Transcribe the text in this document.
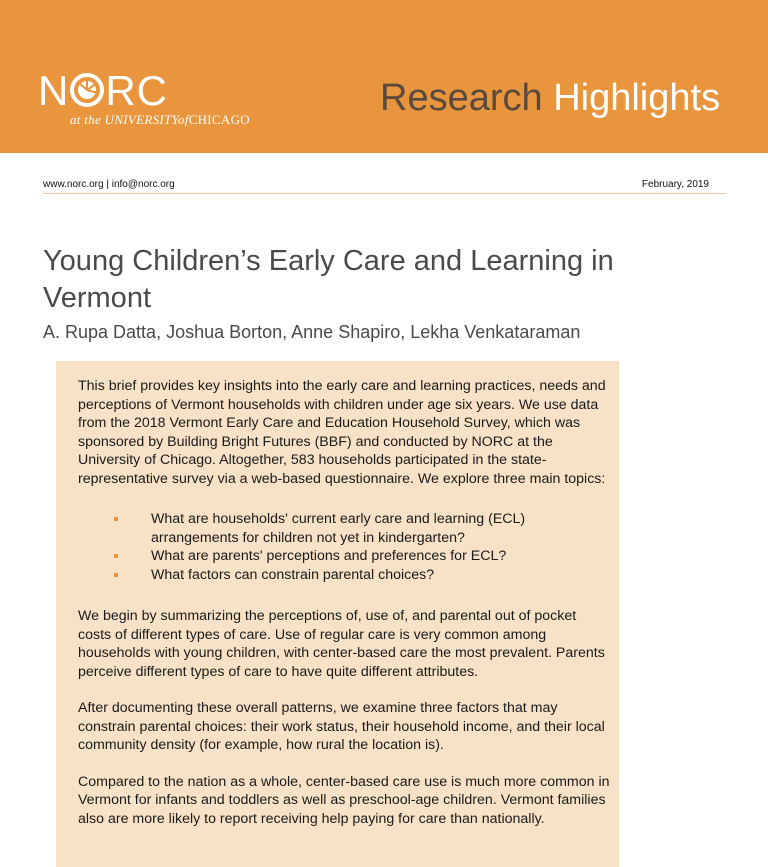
N RC
at the UNIVERSITYofCHICAGO
Research Highlights
www.norc.org | info@norc.org	February, 2019
Young Children’s Early Care and Learning in Vermont
A. Rupa Datta, Joshua Borton, Anne Shapiro, Lekha Venkataraman

This brief provides key insights into the early care and learning practices, needs and perceptions of Vermont households with children under age six years. We use data from the 2018 Vermont Early Care and Education Household Survey, which was sponsored by Building Bright Futures (BBF) and conducted by NORC at the University of Chicago. Altogether, 583 households participated in the state-representative survey via a web-based questionnaire. We explore three main topics:

What are households' current early care and learning (ECL) arrangements for children not yet in kindergarten?
What are parents' perceptions and preferences for ECL?
What factors can constrain parental choices?

We begin by summarizing the perceptions of, use of, and parental out of pocket costs of different types of care. Use of regular care is very common among households with young children, with center-based care the most prevalent. Parents perceive different types of care to have quite different attributes.

After documenting these overall patterns, we examine three factors that may constrain parental choices: their work status, their household income, and their local community density (for example, how rural the location is).

Compared to the nation as a whole, center-based care use is much more common in Vermont for infants and toddlers as well as preschool-age children. Vermont families also are more likely to report receiving help paying for care than nationally.
